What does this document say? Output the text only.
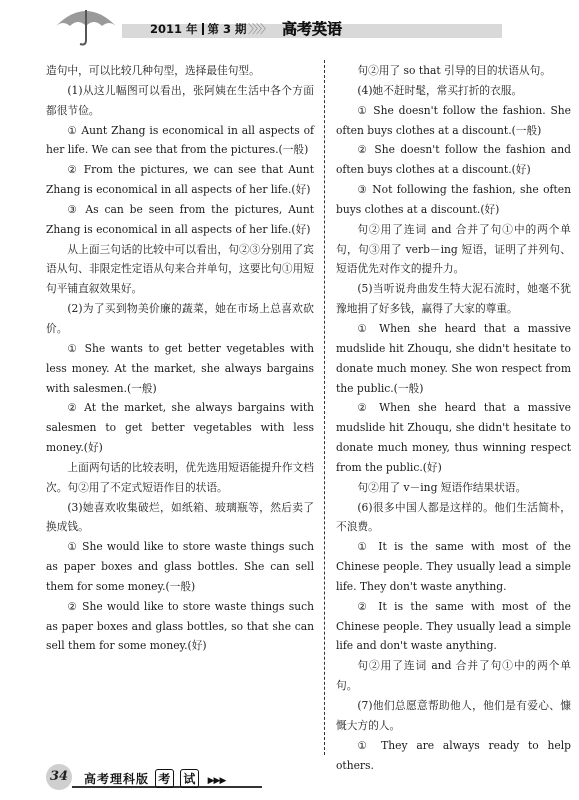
2011 年 第 3 期 〉〉〉〉 高考英语

造句中，可以比较几种句型，选择最佳句型。

(1)从这儿幅图可以看出，张阿姨在生活中各个方面都很节俭。

① Aunt Zhang is economical in all aspects of her life. We can see that from the pictures.(一般)

② From the pictures, we can see that Aunt Zhang is economical in all aspects of her life.(好)

③ As can be seen from the pictures, Aunt Zhang is economical in all aspects of her life.(好)

从上面三句话的比较中可以看出，句②③分别用了宾语从句、非限定性定语从句来合并单句，这要比句①用短句平铺直叙效果好。

(2)为了买到物美价廉的蔬菜，她在市场上总喜欢砍价。

① She wants to get better vegetables with less money. At the market, she always bargains with salesmen.(一般)

② At the market, she always bargains with salesmen to get better vegetables with less money.(好)

上面两句话的比较表明，优先选用短语能提升作文档次。句②用了不定式短语作目的状语。

(3)她喜欢收集破烂，如纸箱、玻璃瓶等，然后卖了换成钱。

① She would like to store waste things such as paper boxes and glass bottles. She can sell them for some money.(一般)

② She would like to store waste things such as paper boxes and glass bottles, so that she can sell them for some money.(好)

句②用了 so that 引导的目的状语从句。

(4)她不赶时髦，常买打折的衣服。

① She doesn't follow the fashion. She often buys clothes at a discount.(一般)

② She doesn't follow the fashion and often buys clothes at a discount.(好)

③ Not following the fashion, she often buys clothes at a discount.(好)

句②用了连词 and 合并了句①中的两个单句，句③用了 verb－ing 短语，证明了并列句、短语优先对作文的提升力。

(5)当听说舟曲发生特大泥石流时，她毫不犹豫地捐了好多钱，赢得了大家的尊重。

① When she heard that a massive mudslide hit Zhouqu, she didn't hesitate to donate much money. She won respect from the public.(一般)

② When she heard that a massive mudslide hit Zhouqu, she didn't hesitate to donate much money, thus winning respect from the public.(好)

句②用了 v－ing 短语作结果状语。

(6)很多中国人都是这样的。他们生活简朴，不浪费。

① It is the same with most of the Chinese people. They usually lead a simple life. They don't waste anything.

② It is the same with most of the Chinese people. They usually lead a simple life and don't waste anything.

句②用了连词 and 合并了句①中的两个单句。

(7)他们总愿意帮助他人，他们是有爱心、慷慨大方的人。

① They are always ready to help others.

34	高考理科版 考 试 ▶▶▶
